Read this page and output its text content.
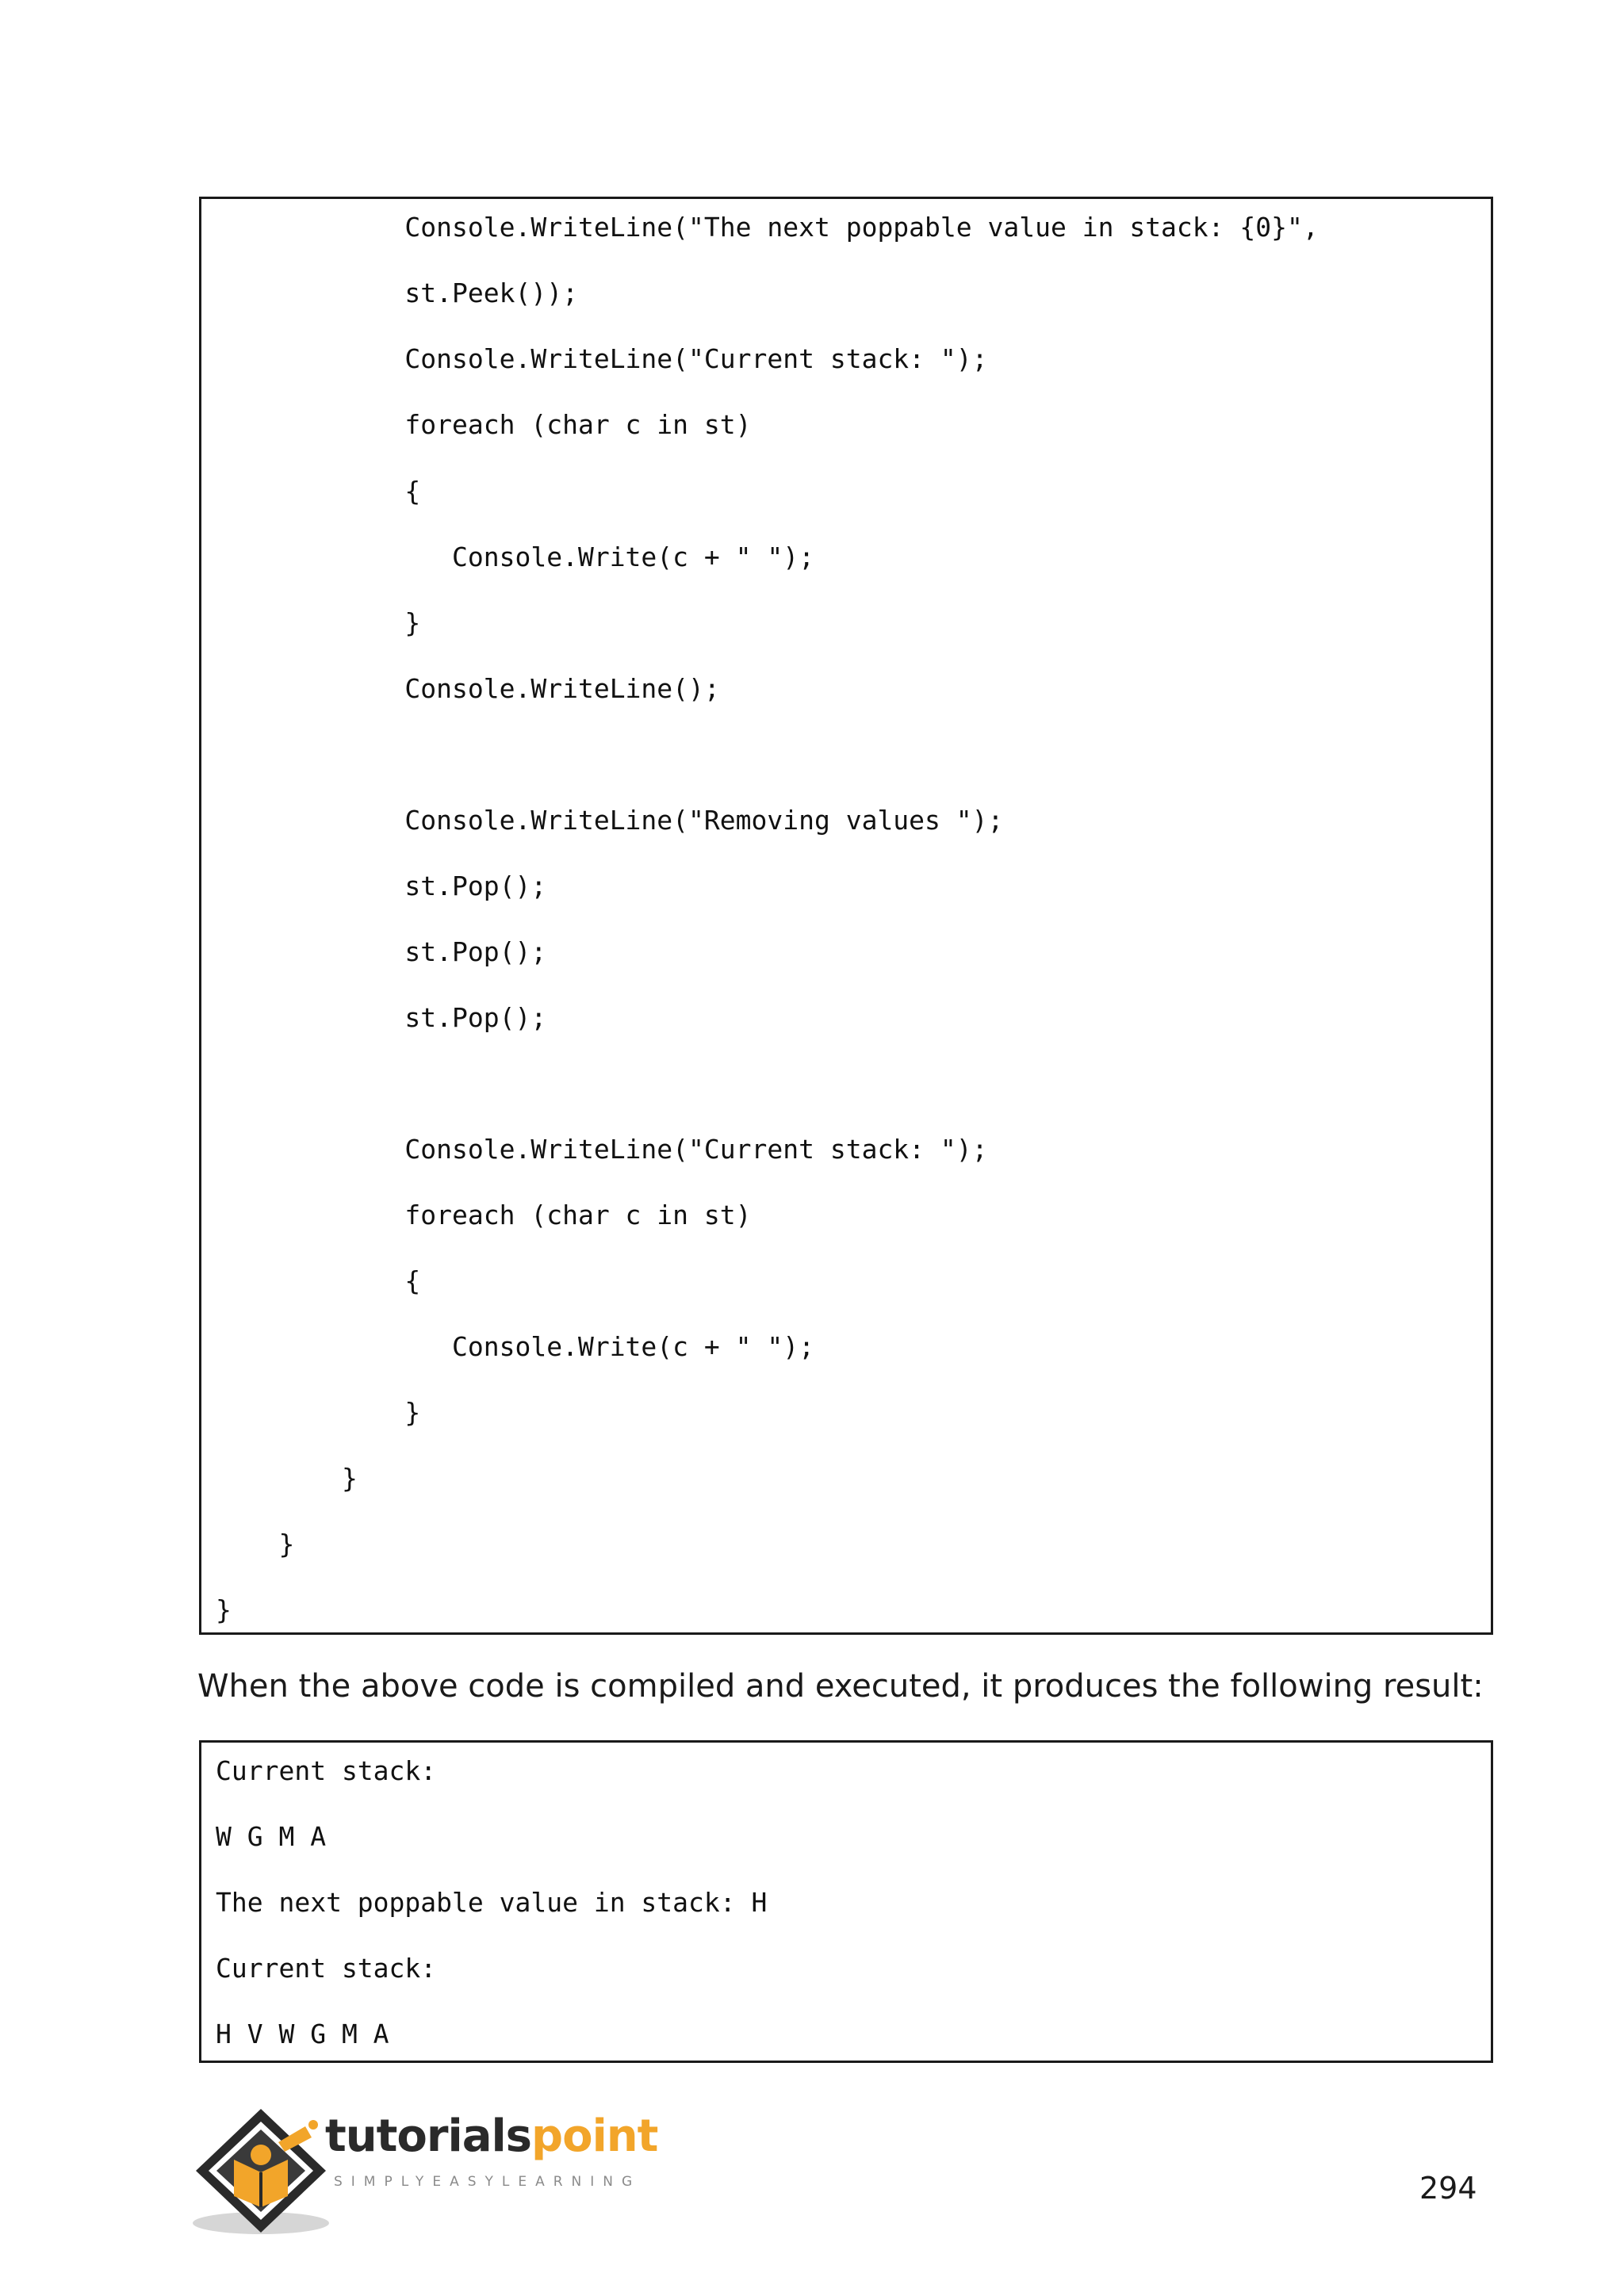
Console.WriteLine("The next poppable value in stack: {0}",
st.Peek());
Console.WriteLine("Current stack: ");
foreach (char c in st)
{
Console.Write(c + " ");
}
Console.WriteLine();
Console.WriteLine("Removing values ");
st.Pop();
st.Pop();
st.Pop();
Console.WriteLine("Current stack: ");
foreach (char c in st)
{
Console.Write(c + " ");
}
}
}
}

When the above code is compiled and executed, it produces the following result:

Current stack:
W G M A
The next poppable value in stack: H
Current stack:
H V W G M A
tutorialspoint
SIMPLYEASYLEARNING	294
